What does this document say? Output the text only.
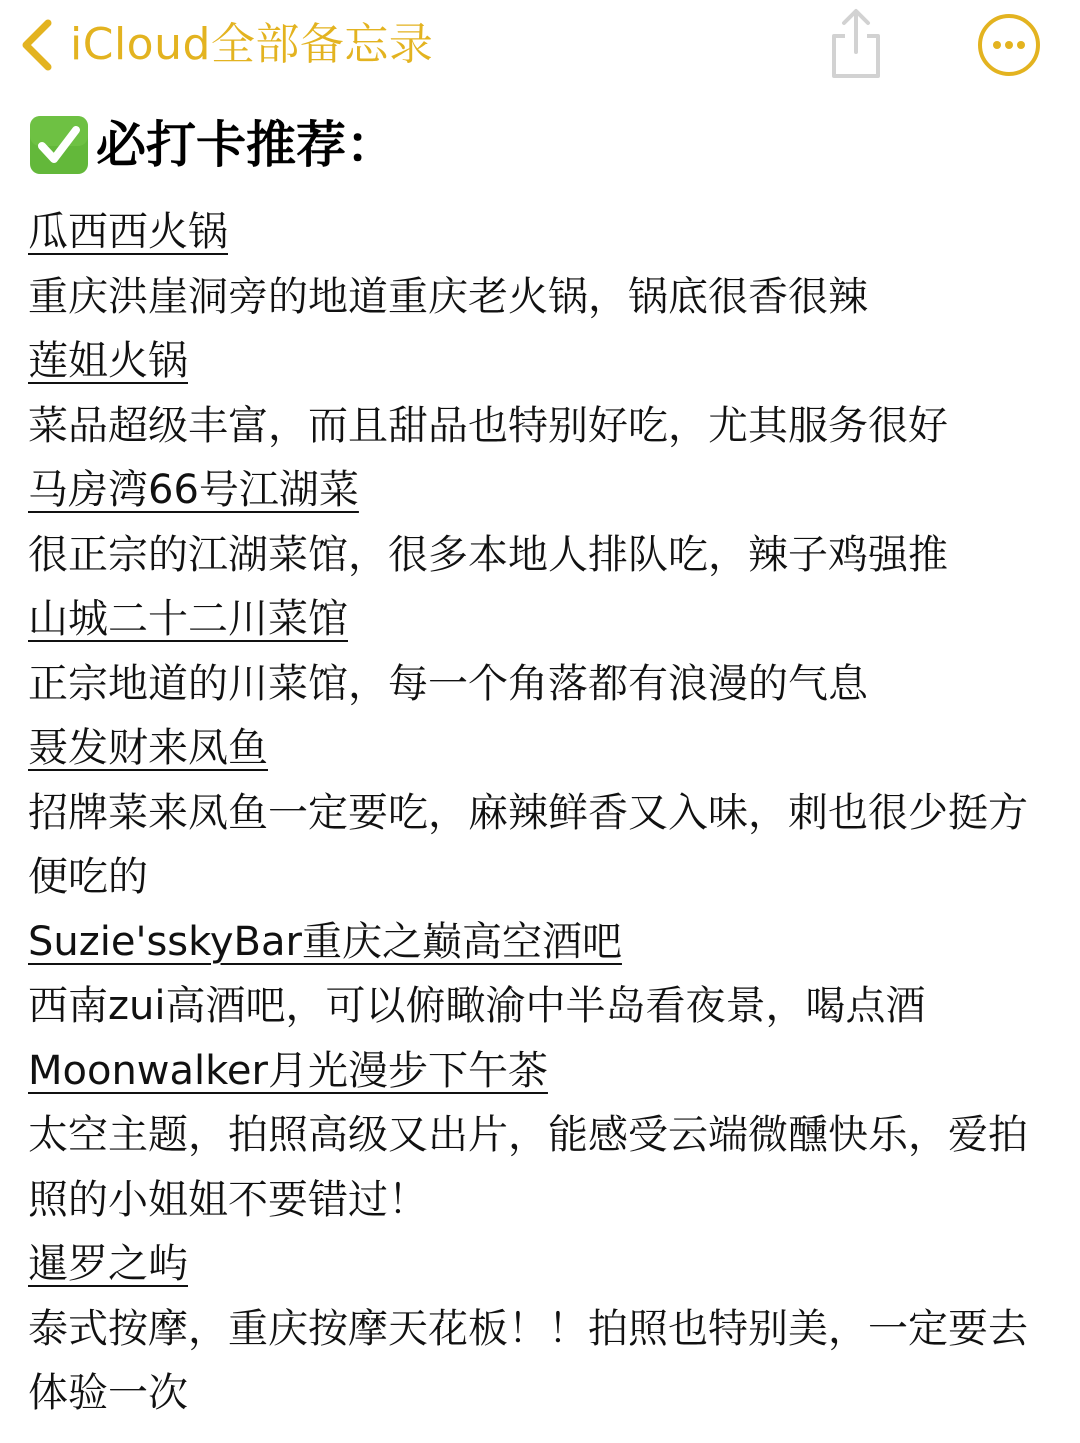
iCloud全部备忘录
必打卡推荐：
瓜西西火锅
重庆洪崖洞旁的地道重庆老火锅，锅底很香很辣
莲姐火锅
菜品超级丰富，而且甜品也特别好吃，尤其服务很好
马房湾66号江湖菜
很正宗的江湖菜馆，很多本地人排队吃，辣子鸡强推
山城二十二川菜馆
正宗地道的川菜馆，每一个角落都有浪漫的气息
聂发财来凤鱼
招牌菜来凤鱼一定要吃，麻辣鲜香又入味，刺也很少挺方便吃的
Suzie'sskyBar重庆之巅高空酒吧
西南zui高酒吧，可以俯瞰渝中半岛看夜景，喝点酒
Moonwalker月光漫步下午茶
太空主题，拍照高级又出片，能感受云端微醺快乐，爱拍照的小姐姐不要错过！
暹罗之屿
泰式按摩，重庆按摩天花板！！拍照也特别美，一定要去体验一次
